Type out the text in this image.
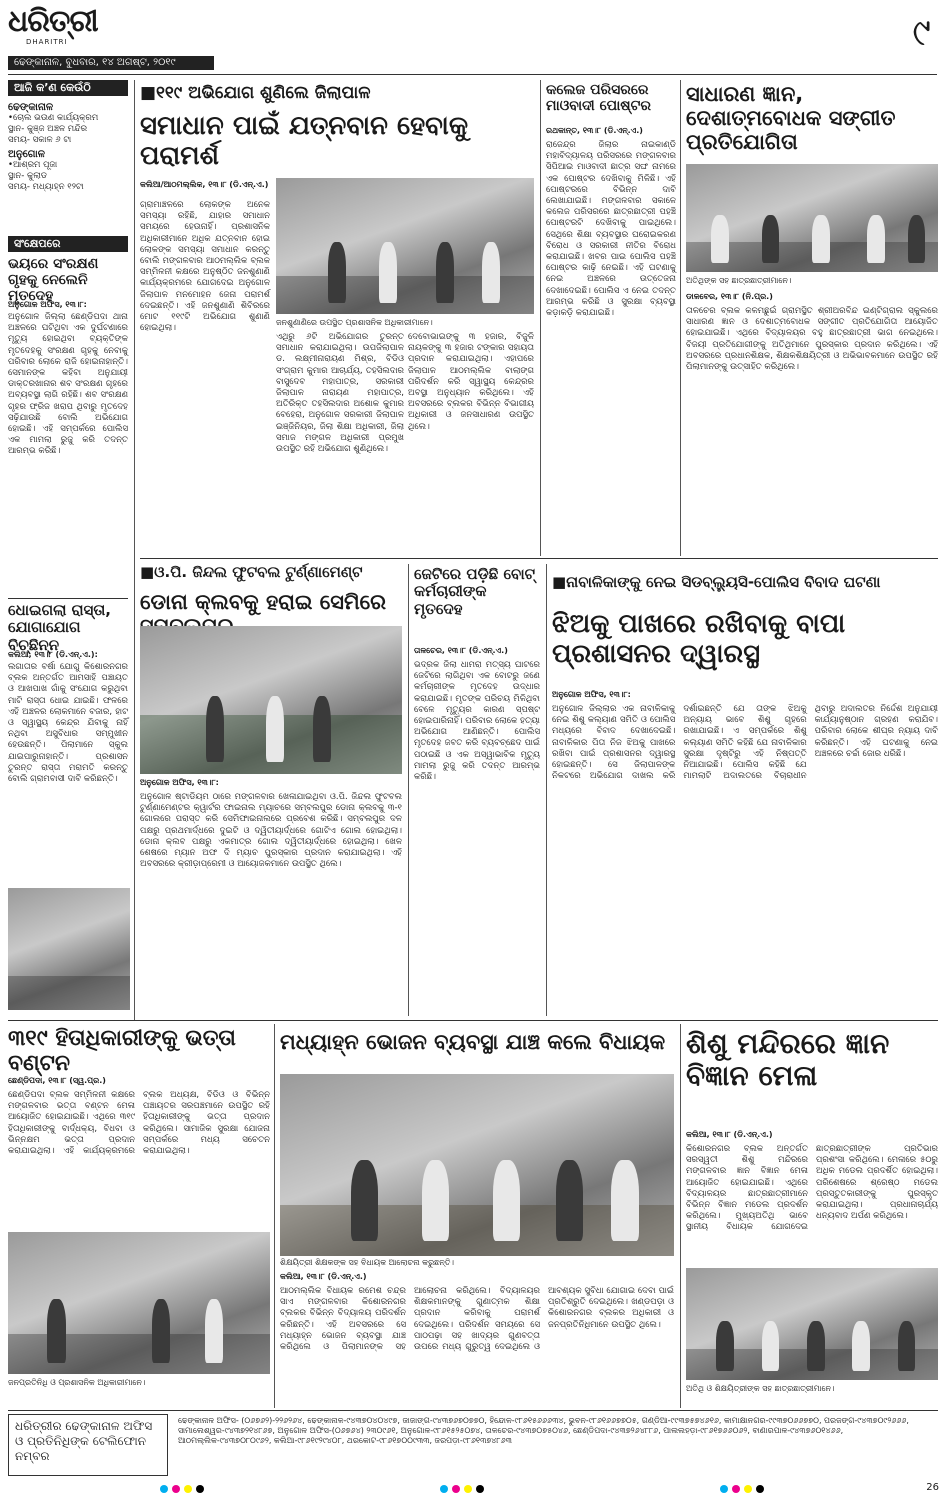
ଧରିତ୍ରୀ
DHARITRI	୯
ଢେଙ୍କାନାଳ, ବୁଧବାର, ୧୪ ଅଗଷ୍ଟ, ୨୦୧୯
ଆଜି କ’ଣ କେଉଁଠି
ଢେଙ୍କାନାଳ
•ଚୋଲ ଭଉଣ କାର୍ଯ୍ୟକ୍ରମ
ସ୍ଥାନ- କୁଞ୍ଜ ଅଞ୍ଚଳ ମନ୍ଦିର
ସମୟ- ସକାଳ ୬ ଟା
ଅନୁଗୋଳ
•ଆଶ୍ରମ ପୂଜା
ସ୍ଥାନ- କୁଲାଡ
ସମୟ- ମଧ୍ୟାହ୍ନ ୧୨ଟା
ସଂକ୍ଷେପରେ
ଭୟରେ ସଂରକ୍ଷଣ ଗୃହକୁ ନେଲେନି ମୃତଦେହ
ଅନୁଗୋଳ ଅଫିସ, ୧୩।୮:
ଅନୁଗୋଳ ଜିଲ୍ଲା ଛେଣ୍ଡିପଦା ଥାନା ଅଞ୍ଚଳରେ ଘଟିଥିବା ଏକ ଦୁର୍ଘଟଣାରେ ମୃତ୍ୟୁ ହୋଇଥିବା ବ୍ୟକ୍ତିଙ୍କ ମୃତଦେହକୁ ସଂରକ୍ଷଣ ଗୃହକୁ ନେବାକୁ ପରିବାର ଲୋକେ ରାଜି ହୋଇନାହାନ୍ତି। ସେମାନଙ୍କ କହିବା ଅନୁଯାୟୀ ଡାକ୍ତରଖାନାର ଶବ ସଂରକ୍ଷଣ ଗୃହରେ ଅବ୍ୟବସ୍ଥା ଲାଗି ରହିଛି। ଶବ ସଂରକ୍ଷଣ ଗୃହର ଫ୍ରିଜ ଖରାପ ଥିବାରୁ ମୃତଦେହ ସଢ଼ିଯାଉଛି ବୋଲି ଅଭିଯୋଗ ହୋଇଛି। ଏହି ସମ୍ପର୍କରେ ପୋଲିସ ଏକ ମାମଲା ରୁଜୁ କରି ତଦନ୍ତ ଆରମ୍ଭ କରିଛି।
ଧୋଇଗଲା ରାସ୍ତା, ଯୋଗାଯୋଗ ବିଚ୍ଛିନ୍ନ
କଲିଆ, ୧୩।୮ (ଡି.ଏନ୍.ଏ.):
ଲଗାତାର ବର୍ଷା ଯୋଗୁ କିଶୋରନଗର ବ୍ଲକ ଅନ୍ତର୍ଗତ ଆମସାହି ପଞ୍ଚାୟତ ଓ ଆଖପାଖ ଗାଁକୁ ସଂଯୋଗ କରୁଥିବା ମାଟି ରାସ୍ତା ଧୋଇ ଯାଇଛି। ଫଳରେ ଏହି ଅଞ୍ଚଳର ଲୋକମାନେ ବଜାର, ହାଟ ଓ ସ୍ୱାସ୍ଥ୍ୟ କେନ୍ଦ୍ର ଯିବାକୁ ନାହିଁ ନଥିବା ଅସୁବିଧାର ସମ୍ମୁଖୀନ ହେଉଛନ୍ତି। ପିଲାମାନେ ସ୍କୁଲ ଯାଇପାରୁନାହାନ୍ତି। ପ୍ରଶାସନ ତୁରନ୍ତ ରାସ୍ତା ମରାମତି କରନ୍ତୁ ବୋଲି ଗ୍ରାମବାସୀ ଦାବି କରିଛନ୍ତି।
■୧୧୯ ଅଭିଯୋଗ ଶୁଣିଲେ ଜିଲାପାଳ
ସମାଧାନ ପାଇଁ ଯତ୍ନବାନ ହେବାକୁ ପରାମର୍ଶ
କଲିଆ/ଆଠମଲ୍ଲିକ, ୧୩।୮ (ଡି.ଏନ୍.ଏ.)
ଜନଶୁଣାଣିରେ ଉପସ୍ଥିତ ପ୍ରଶାସନିକ ଅଧିକାରୀମାନେ।
ଗ୍ରାମାଞ୍ଚଳରେ ଲୋକଙ୍କ ଅନେକ ସମସ୍ୟା ରହିଛି, ଯାହାର ସମାଧାନ ସମୟରେ ହେଉନାହିଁ। ପ୍ରଶାସନିକ ଅଧିକାରୀମାନେ ଅଧିକ ଯତ୍ନବାନ ହୋଇ ଲୋକଙ୍କ ସମସ୍ୟା ସମାଧାନ କରନ୍ତୁ ବୋଲି ମଙ୍ଗଳବାର ଆଠମଲ୍ଲିକ ବ୍ଲକ ସମ୍ମିଳନୀ କକ୍ଷରେ ଅନୁଷ୍ଠିତ ଜନଶୁଣାଣି କାର୍ଯ୍ୟକ୍ରମରେ ଯୋଗଦେଇ ଅନୁଗୋଳ ଜିଲାପାଳ ମନମୋହନ ଜେନା ପରାମର୍ଶ ଦେଇଛନ୍ତି। ଏହି ଜନଶୁଣାଣି ଶିବିରରେ ମୋଟ ୧୧୯ଟି ଅଭିଯୋଗ ଶୁଣାଣି ହୋଇଥିଲା।
ଏଥିରୁ ୬ଟି ଅଭିଯୋଗର ତୁରନ୍ତ ସମାଧାନ କରାଯାଇଥିଲା। ଉପଜିଲାପାଳ ଡ. ଲକ୍ଷ୍ମୀନାରାୟଣ ମିଶ୍ର, ବିଡିଓ ସଂଗ୍ରାମ କୁମାର ଆଚାର୍ଯ୍ୟ, ତହସିଲଦାର ବାସୁଦେବ ମହାପାତ୍ର, ସରକାରୀ ଜିଲାପାଳ ନାରାୟଣ ମହାପାତ୍ର, ଅତିରିକ୍ତ ତହସିଲଦାର ଅଶୋକ କୁମାର ବେହେରା, ଅନୁଗୋଳ ସରକାରୀ ଜିଲାପାଳ ଇଞ୍ଜିନିୟର, ଜିଲା ଶିକ୍ଷା ଅଧିକାରୀ, ଜିଲା ସମାଜ ମଙ୍ଗଳ ଅଧିକାରୀ ପ୍ରମୁଖ ଉପସ୍ଥିତ ରହି ଅଭିଯୋଗ ଶୁଣିଥିଲେ।
ଦେବୋଭାଇଙ୍କୁ ୩ ହଜାର, ବିଜୁଳି ନାୟକଙ୍କୁ ୩ ହଜାର ଟଙ୍କାର ସହାୟତା ପ୍ରଦାନ କରାଯାଇଥିଲା। ଏହାପରେ ଜିଲାପାଳ ଆଠମଲ୍ଲିକ ବାଲାଙ୍ଗ ପରିଦର୍ଶନ କରି ସ୍ୱାସ୍ଥ୍ୟ କେନ୍ଦ୍ରର ଅବସ୍ଥା ଅନୁଧ୍ୟାନ କରିଥିଲେ। ଏହି ଅବସରରେ ବ୍ଲକର ବିଭିନ୍ନ ବିଭାଗୀୟ ଅଧିକାରୀ ଓ ଜନସାଧାରଣ ଉପସ୍ଥିତ ଥିଲେ।
କଲେଜ ପରିସରରେ ମାଓବାଦୀ ପୋଷ୍ଟର
ରଥକାନ୍ତ, ୧୩।୮ (ଡି.ଏନ୍.ଏ.)
ରାଜେନ୍ଦ୍ର ଜିଲାର ନାଇକାଣ୍ଡି ମହାବିଦ୍ୟାଳୟ ପରିସରରେ ମଙ୍ଗଳବାର ସିପିଆଇ ମାଓବାଦୀ ଛାତ୍ର ସଙ୍ଘ ନାମରେ ଏକ ପୋଷ୍ଟର ଦେଖିବାକୁ ମିଳିଛି। ଏହି ପୋଷ୍ଟରରେ ବିଭିନ୍ନ ଦାବି ଲେଖାଯାଇଛି। ମଙ୍ଗଳବାର ସକାଳେ କଲେଜ ପରିସରରେ ଛାତ୍ରଛାତ୍ରୀ ପହଞ୍ଚି ପୋଷ୍ଟରଟି ଦେଖିବାକୁ ପାଇଥିଲେ। ସେଥିରେ ଶିକ୍ଷା ବ୍ୟବସ୍ଥାର ଘରୋଇକରଣ ବିରୋଧ ଓ ସରକାରୀ ନୀତିର ବିରୋଧ କରାଯାଇଛି। ଖବର ପାଇ ପୋଲିସ ପହଞ୍ଚି ପୋଷ୍ଟର କାଢ଼ି ନେଇଛି। ଏହି ଘଟଣାକୁ ନେଇ ଅଞ୍ଚଳରେ ଉତ୍ତେଜନା ଦେଖାଦେଇଛି। ପୋଲିସ ଏ ନେଇ ତଦନ୍ତ ଆରମ୍ଭ କରିଛି ଓ ସୁରକ୍ଷା ବ୍ୟବସ୍ଥା କଡ଼ାକଡ଼ି କରାଯାଇଛି।
ସାଧାରଣ ଜ୍ଞାନ, ଦେଶାତ୍ମବୋଧକ ସଙ୍ଗୀତ ପ୍ରତିଯୋଗିତା
ଅତିଥିଙ୍କ ସହ ଛାତ୍ରଛାତ୍ରୀମାନେ।
ଡାଳବେର, ୧୩।୮ (ନି.ପ୍ର.)
ତାଳଚେର ବ୍ଲକ କଳମଛୁଇଁ ଗ୍ରାମସ୍ଥିତ ଶ୍ରୀଅରବିନ୍ଦ ଇଣ୍ଟିଗ୍ରାଲ ସ୍କୁଲରେ ସାଧାରଣ ଜ୍ଞାନ ଓ ଦେଶାତ୍ମବୋଧକ ସଙ୍ଗୀତ ପ୍ରତିଯୋଗିତା ଆୟୋଜିତ ହୋଇଯାଇଛି। ଏଥିରେ ବିଦ୍ୟାଳୟର ବହୁ ଛାତ୍ରଛାତ୍ରୀ ଭାଗ ନେଇଥିଲେ। ବିଜୟୀ ପ୍ରତିଯୋଗୀଙ୍କୁ ଅତିଥିମାନେ ପୁରସ୍କାର ପ୍ରଦାନ କରିଥିଲେ। ଏହି ଅବସରରେ ପ୍ରଧାନଶିକ୍ଷକ, ଶିକ୍ଷକଶିକ୍ଷୟିତ୍ରୀ ଓ ଅଭିଭାବକମାନେ ଉପସ୍ଥିତ ରହି ପିଲାମାନଙ୍କୁ ଉତ୍ସାହିତ କରିଥିଲେ।
■ଓ.ପି. ଜିନ୍ଦଲ ଫୁଟବଲ ଟୁର୍ଣ୍ଣାମେଣ୍ଟ
ଡୋନା କ୍ଲବକୁ ହରାଇ ସେମିରେ
ଅନୁଗୋଳ ଅଫିସ, ୧୩।୮:
ଅନୁଗୋଳ ଷ୍ଟାଡିୟମ ଠାରେ ମଙ୍ଗଳବାର ଖେଳାଯାଇଥିବା ଓ.ପି. ଜିନ୍ଦଲ ଫୁଟବଲ ଟୁର୍ଣ୍ଣାମେଣ୍ଟର କ୍ୱାର୍ଟର ଫାଇନାଲ ମ୍ୟାଚରେ ସମ୍ବଲପୁର ଡୋନା କ୍ଲବକୁ ୩-୧ ଗୋଲରେ ପରାସ୍ତ କରି ସେମିଫାଇନାଲରେ ପ୍ରବେଶ କରିଛି। ସମ୍ବଲପୁର ଦଳ ପକ୍ଷରୁ ପ୍ରଥମାର୍ଦ୍ଧରେ ଦୁଇଟି ଓ ଦ୍ୱିତୀୟାର୍ଦ୍ଧରେ ଗୋଟିଏ ଗୋଲ ହୋଇଥିଲା। ଡୋନା କ୍ଲବ ପକ୍ଷରୁ ଏକମାତ୍ର ଗୋଲ ଦ୍ୱିତୀୟାର୍ଦ୍ଧରେ ହୋଇଥିଲା। ଖେଳ ଶେଷରେ ମ୍ୟାନ ଅଫ ଦି ମ୍ୟାଚ ପୁରସ୍କାର ପ୍ରଦାନ କରାଯାଇଥିଲା। ଏହି ଅବସରରେ କ୍ରୀଡ଼ାପ୍ରେମୀ ଓ ଆୟୋଜକମାନେ ଉପସ୍ଥିତ ଥିଲେ।
ଜେଟିରେ ପଡ଼ିଛି ବୋଟ୍ କର୍ମଚାରୀଙ୍କ ମୃତଦେହ
ତାଳଚେର, ୧୩।୮ (ଡି.ଏନ୍.ଏ.)
ଭଦ୍ରକ ଜିଲା ଧାମରା ମତ୍ସ୍ୟ ଘାଟରେ ଜେଟିରେ ଲାଗିଥିବା ଏକ ବୋଟରୁ ଜଣେ କର୍ମଚାରୀଙ୍କ ମୃତଦେହ ଉଦ୍ଧାର କରାଯାଇଛି। ମୃତଙ୍କ ପରିଚୟ ମିଳିଥିବା ବେଳେ ମୃତ୍ୟୁର କାରଣ ସ୍ପଷ୍ଟ ହୋଇପାରିନାହିଁ। ପରିବାର ଲୋକେ ହତ୍ୟା ଅଭିଯୋଗ ଆଣିଛନ୍ତି। ପୋଲିସ ମୃତଦେହ ଜବତ କରି ବ୍ୟବଚ୍ଛେଦ ପାଇଁ ପଠାଇଛି ଓ ଏକ ଅସ୍ୱାଭାବିକ ମୃତ୍ୟୁ ମାମଲା ରୁଜୁ କରି ତଦନ୍ତ ଆରମ୍ଭ କରିଛି।
■ନାବାଳିକାଙ୍କୁ ନେଇ ସିଡବ୍ଲ୍ୟୁସି-ପୋଲିସ ବିବାଦ ଘଟଣା
ଝିଅକୁ ପାଖରେ ରଖିବାକୁ ବାପା ପ୍ରଶାସନର ଦ୍ୱାରସ୍ଥ
ଅନୁଗୋଳ ଅଫିସ, ୧୩।୮:
ଅନୁଗୋଳ ଜିଲ୍ଲାର ଏକ ନାବାଳିକାକୁ ନେଇ ଶିଶୁ କଲ୍ୟାଣ ସମିତି ଓ ପୋଲିସ ମଧ୍ୟରେ ବିବାଦ ଦେଖାଦେଇଛି। ନାବାଳିକାର ପିତା ନିଜ ଝିଅକୁ ପାଖରେ ରଖିବା ପାଇଁ ପ୍ରଶାସନର ଦ୍ୱାରସ୍ଥ ହୋଇଛନ୍ତି। ସେ ଜିଲାପାଳଙ୍କ ନିକଟରେ ଅଭିଯୋଗ ଦାଖଲ କରି ଦର୍ଶାଇଛନ୍ତି ଯେ ତାଙ୍କ ଝିଅକୁ ଅନ୍ୟାୟ ଭାବେ ଶିଶୁ ଗୃହରେ ରଖାଯାଇଛି। ଏ ସମ୍ପର୍କରେ ଶିଶୁ କଲ୍ୟାଣ ସମିତି କହିଛି ଯେ ନାବାଳିକାର ସୁରକ୍ଷା ଦୃଷ୍ଟିରୁ ଏହି ନିଷ୍ପତ୍ତି ନିଆଯାଇଛି। ପୋଲିସ କହିଛି ଯେ ମାମଲାଟି ଅଦାଲତରେ ବିଚାରାଧୀନ ଥିବାରୁ ଅଦାଲତର ନିର୍ଦ୍ଦେଶ ଅନୁଯାୟୀ କାର୍ଯ୍ୟାନୁଷ୍ଠାନ ଗ୍ରହଣ କରାଯିବ। ପରିବାର ଲୋକେ ଶୀଘ୍ର ନ୍ୟାୟ ଦାବି କରିଛନ୍ତି। ଏହି ଘଟଣାକୁ ନେଇ ଅଞ୍ଚଳରେ ଚର୍ଚ୍ଚା ଜୋର ଧରିଛି।
୩୧୯ ହିତାଧିକାରୀଙ୍କୁ ଭତ୍ତା ବଣ୍ଟନ
ଛେଣ୍ଡିପଦା, ୧୩।୮ (ସ୍ୱ.ପ୍ର.)
ଛେଣ୍ଡିପଦା ବ୍ଲକ ସମ୍ମିଳନୀ କକ୍ଷରେ ମଙ୍ଗଳବାର ଭତ୍ତା ବଣ୍ଟନ ମେଳା ଆୟୋଜିତ ହୋଇଯାଇଛି। ଏଥିରେ ୩୧୯ ହିତାଧିକାରୀଙ୍କୁ ବାର୍ଦ୍ଧକ୍ୟ, ବିଧବା ଓ ଭିନ୍ନକ୍ଷମ ଭତ୍ତା ପ୍ରଦାନ କରାଯାଇଥିଲା। ଏହି କାର୍ଯ୍ୟକ୍ରମରେ ବ୍ଲକ ଅଧ୍ୟକ୍ଷ, ବିଡିଓ ଓ ବିଭିନ୍ନ ପଞ୍ଚାୟତର ସରପଞ୍ଚମାନେ ଉପସ୍ଥିତ ରହି ହିତାଧିକାରୀଙ୍କୁ ଭତ୍ତା ପ୍ରଦାନ କରିଥିଲେ। ସାମାଜିକ ସୁରକ୍ଷା ଯୋଜନା ସମ୍ପର୍କରେ ମଧ୍ୟ ସଚେତନ କରାଯାଇଥିଲା।
ଜନପ୍ରତିନିଧି ଓ ପ୍ରଶାସନିକ ଅଧିକାରୀମାନେ।
ମଧ୍ୟାହ୍ନ ଭୋଜନ ବ୍ୟବସ୍ଥା ଯାଞ୍ଚ କଲେ ବିଧାୟକ
ଶିକ୍ଷୟିତ୍ରୀ ଶିକ୍ଷକଙ୍କ ସହ ବିଧାୟକ ଆଲୋଚନା କରୁଛନ୍ତି।
କଲିଆ, ୧୩।୮ (ଡି.ଏନ୍.ଏ.)
ଆଠମଲ୍ଲିକ ବିଧାୟକ ରମେଶ ଚନ୍ଦ୍ର ସାଏ ମଙ୍ଗଳବାର କିଶୋରନଗର ବ୍ଲକର ବିଭିନ୍ନ ବିଦ୍ୟାଳୟ ପରିଦର୍ଶନ କରିଛନ୍ତି। ଏହି ଅବସରରେ ସେ ମଧ୍ୟାହ୍ନ ଭୋଜନ ବ୍ୟବସ୍ଥା ଯାଞ୍ଚ କରିଥିଲେ ଓ ପିଲାମାନଙ୍କ ସହ ଆଲୋଚନା କରିଥିଲେ। ବିଦ୍ୟାଳୟର ଶିକ୍ଷକମାନଙ୍କୁ ଗୁଣାତ୍ମକ ଶିକ୍ଷା ପ୍ରଦାନ କରିବାକୁ ପରାମର୍ଶ ଦେଇଥିଲେ। ପରିଦର୍ଶନ ସମୟରେ ସେ ପାଠପଢ଼ା ସହ ଖାଦ୍ୟର ଗୁଣବତ୍ତା ଉପରେ ମଧ୍ୟ ଗୁରୁତ୍ୱ ଦେଇଥିଲେ ଓ ଆବଶ୍ୟକ ସୁବିଧା ଯୋଗାଇ ଦେବା ପାଇଁ ପ୍ରତିଶ୍ରୁତି ଦେଇଥିଲେ। ଖଣ୍ଡପଡ଼ା ଓ କିଶୋରନଗର ବ୍ଲକର ଅଧିକାରୀ ଓ ଜନପ୍ରତିନିଧିମାନେ ଉପସ୍ଥିତ ଥିଲେ।
ଶିଶୁ ମନ୍ଦିରରେ ଜ୍ଞାନ ବିଜ୍ଞାନ ମେଳା
କଲିଆ, ୧୩।୮ (ଡି.ଏନ୍.ଏ.)
କିଶୋରନଗର ବ୍ଲକ ଅନ୍ତର୍ଗତ ସରସ୍ୱତୀ ଶିଶୁ ମନ୍ଦିରରେ ମଙ୍ଗଳବାର ଜ୍ଞାନ ବିଜ୍ଞାନ ମେଳା ଆୟୋଜିତ ହୋଇଯାଇଛି। ଏଥିରେ ବିଦ୍ୟାଳୟର ଛାତ୍ରଛାତ୍ରୀମାନେ ବିଭିନ୍ନ ବିଜ୍ଞାନ ମଡେଲ ପ୍ରଦର୍ଶନ କରିଥିଲେ। ମୁଖ୍ୟଅତିଥି ଭାବେ ସ୍ଥାନୀୟ ବିଧାୟକ ଯୋଗଦେଇ ଛାତ୍ରଛାତ୍ରୀଙ୍କ ପ୍ରତିଭାର ପ୍ରଶଂସା କରିଥିଲେ। ମେଳାରେ ୫୦ରୁ ଅଧିକ ମଡେଲ ପ୍ରଦର୍ଶିତ ହୋଇଥିଲା। ପରିଶେଷରେ ଶ୍ରେଷ୍ଠ ମଡେଲ ପ୍ରସ୍ତୁତକାରୀଙ୍କୁ ପୁରସ୍କୃତ କରାଯାଇଥିଲା। ପ୍ରଧାନାଚାର୍ଯ୍ୟ ଧନ୍ୟବାଦ ଅର୍ପଣ କରିଥିଲେ।
ଅତିଥି ଓ ଶିକ୍ଷୟିତ୍ରୀଙ୍କ ସହ ଛାତ୍ରଛାତ୍ରୀମାନେ।
ଧରିତ୍ରୀର ଢେଙ୍କାନାଳ ଅଫିସ ଓ ପ୍ରତିନିଧିଙ୍କ ଟେଲିଫୋନ ନମ୍ବର
ଢେଙ୍କାନାଳ ଅଫିସ- (୦୬୭୬୨)-୨୨୬୨୬୪, ଢେଙ୍କାନାଳ-୯୪୩୭୦୪୦୪୯୭, ଜାଜାଙ୍ଗ-୯୪୩୭୬୭୦୭୭୦, ହିନ୍ଦୋଳ-୯୮୬୧୫୬୬୬୩୪, ଭୁବନ-୯୮୬୧୬୬୭୭୦୫, ଗଣ୍ଡିଆ-୯୯୩୭୫୭୪୬୧୬, କାମାକ୍ଷାନଗର-୯୯୩୭୦୬୬୭୭୦, ପରଜଙ୍ଗ-୯୪୩୭୦୯୨୬୬୬, ସାମାଲେଶ୍ୱର-୯୪୩୭୨୧୪୮୬୭, ଅନୁଗୋଳ ଅଫିସ-(୦୬୭୬୪) ୨୩୦୯୬୧, ଅନୁଗୋଳ-୯୮୬୧୫୨୫୦୭୪, ତାଳଚେର-୯୪୩୭୦୭୫୦୪୬, ଛେଣ୍ଡିପଦା-୯୪୩୭୨୬୪୮୮୬, ପାଲଲହଡ଼ା-୯୮୬୧୭୬୬୦୬୨, ବାଣାରପାଳ-୯୪୩୭୬୦୧୪୬୬, ଆଠମଲ୍ଲିକ-୯୪୩୭୦୮୦୯୬୨, କଲିଆ-୯୮୬୧୯୨୯୪୦୮, ଥରକୋଟ-୯୮୬୧୭୦୦୯୩୩, ଜରପଡ଼ା-୯୮୬୧୩୭୪୮୬୩
26
